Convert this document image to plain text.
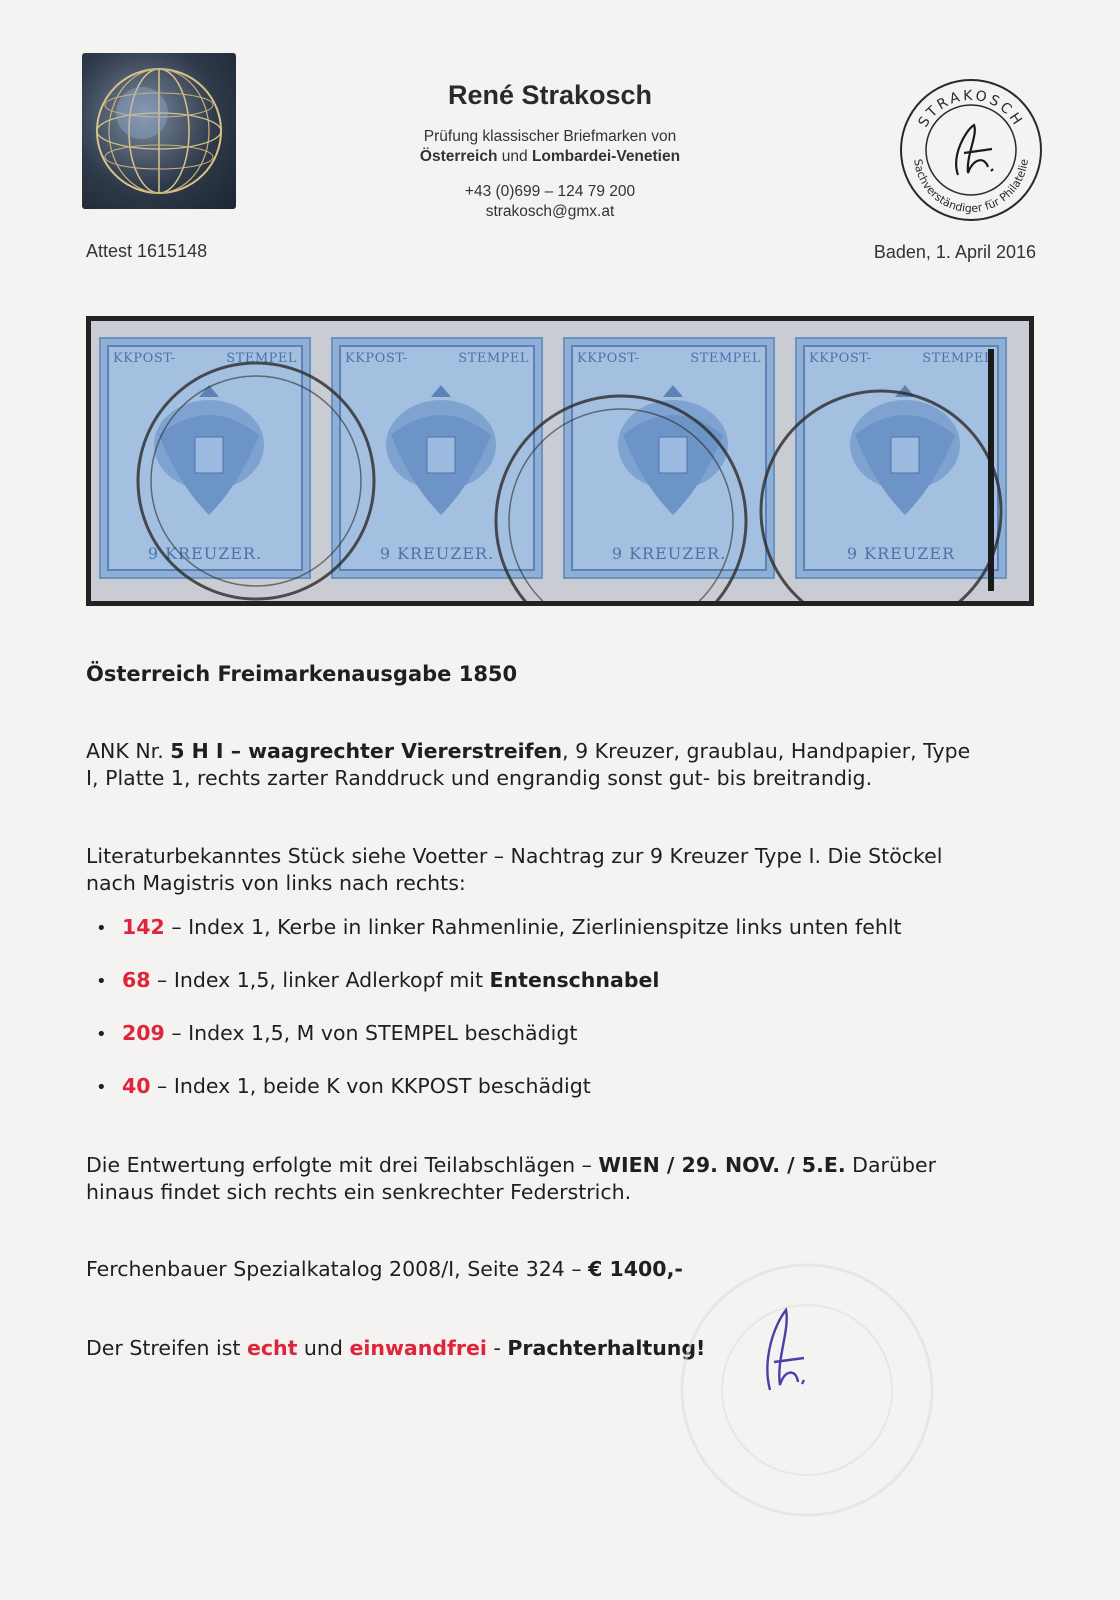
René Strakosch
Prüfung klassischer Briefmarken von
Österreich und Lombardei-Venetien
+43 (0)699 – 124 79 200
strakosch@gmx.at
STRAKOSCH
Sachverständiger für Philatelie
Attest 1615148	Baden, 1. April 2016
KKPOST-	STEMPEL
9 KREUZER.
KKPOST-	STEMPEL
9 KREUZER.
KKPOST-	STEMPEL
9 KREUZER.
KKPOST-	STEMPEL
9 KREUZER
Österreich Freimarkenausgabe 1850
ANK Nr. 5 H I – waagrechter Viererstreifen, 9 Kreuzer, graublau, Handpapier, Type
I, Platte 1, rechts zarter Randdruck und engrandig sonst gut- bis breitrandig.
Literaturbekanntes Stück siehe Voetter – Nachtrag zur 9 Kreuzer Type I. Die Stöckel
nach Magistris von links nach rechts:
• 142 – Index 1, Kerbe in linker Rahmenlinie, Zierlinienspitze links unten fehlt
• 68 – Index 1,5, linker Adlerkopf mit Entenschnabel
• 209 – Index 1,5, M von STEMPEL beschädigt
• 40 – Index 1, beide K von KKPOST beschädigt
Die Entwertung erfolgte mit drei Teilabschlägen – WIEN / 29. NOV. / 5.E. Darüber
hinaus findet sich rechts ein senkrechter Federstrich.
Ferchenbauer Spezialkatalog 2008/I, Seite 324 – € 1400,-
Der Streifen ist echt und einwandfrei - Prachterhaltung!
